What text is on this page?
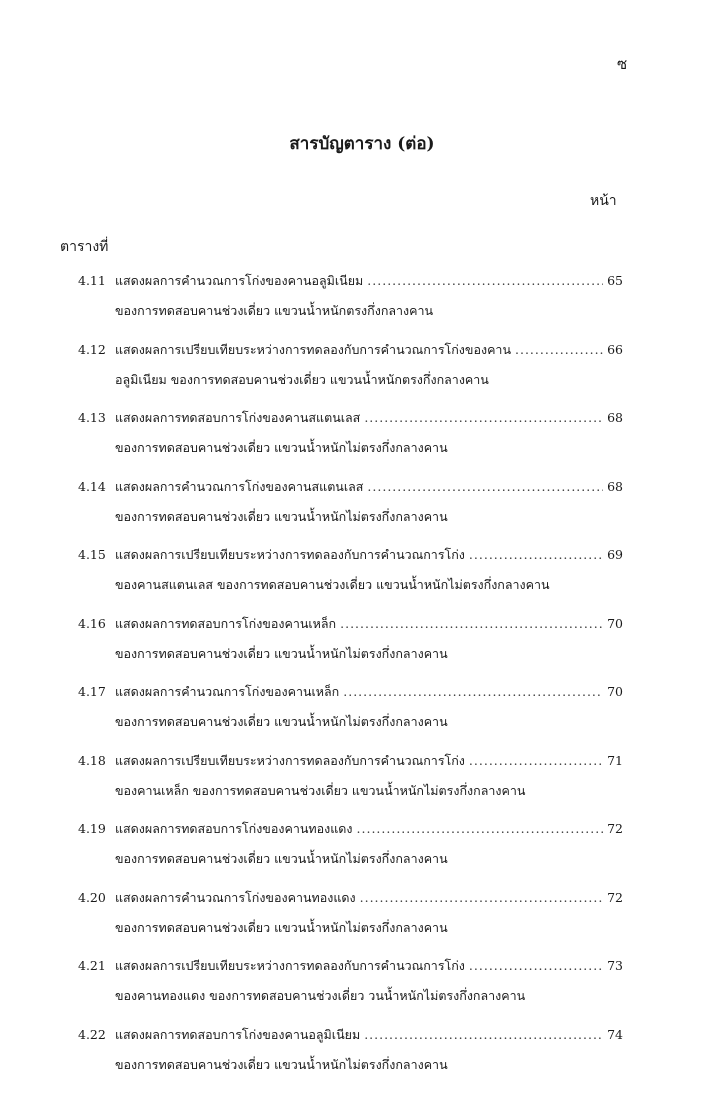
ซ
สารบัญตาราง (ต่อ)
หน้า
ตารางที่
4.11 แสดงผลการคำนวณการโก่งของคานอลูมิเนียม .....	65
ของการทดสอบคานช่วงเดี่ยว แขวนน้ำหนักตรงกึ่งกลางคาน
4.12 แสดงผลการเปรียบเทียบระหว่างการทดลองกับการคำนวณการโก่งของคาน .....	66
อลูมิเนียม ของการทดสอบคานช่วงเดี่ยว แขวนน้ำหนักตรงกึ่งกลางคาน
4.13 แสดงผลการทดสอบการโก่งของคานสแตนเลส .....	68
ของการทดสอบคานช่วงเดี่ยว แขวนน้ำหนักไม่ตรงกึ่งกลางคาน
4.14 แสดงผลการคำนวณการโก่งของคานสแตนเลส .....	68
ของการทดสอบคานช่วงเดี่ยว แขวนน้ำหนักไม่ตรงกึ่งกลางคาน
4.15 แสดงผลการเปรียบเทียบระหว่างการทดลองกับการคำนวณการโก่ง .....	69
ของคานสแตนเลส ของการทดสอบคานช่วงเดี่ยว แขวนน้ำหนักไม่ตรงกึ่งกลางคาน
4.16 แสดงผลการทดสอบการโก่งของคานเหล็ก .....	70
ของการทดสอบคานช่วงเดี่ยว แขวนน้ำหนักไม่ตรงกึ่งกลางคาน
4.17 แสดงผลการคำนวณการโก่งของคานเหล็ก .....	70
ของการทดสอบคานช่วงเดี่ยว แขวนน้ำหนักไม่ตรงกึ่งกลางคาน
4.18 แสดงผลการเปรียบเทียบระหว่างการทดลองกับการคำนวณการโก่ง .....	71
ของคานเหล็ก ของการทดสอบคานช่วงเดี่ยว แขวนน้ำหนักไม่ตรงกึ่งกลางคาน
4.19 แสดงผลการทดสอบการโก่งของคานทองแดง .....	72
ของการทดสอบคานช่วงเดี่ยว แขวนน้ำหนักไม่ตรงกึ่งกลางคาน
4.20 แสดงผลการคำนวณการโก่งของคานทองแดง .....	72
ของการทดสอบคานช่วงเดี่ยว แขวนน้ำหนักไม่ตรงกึ่งกลางคาน
4.21 แสดงผลการเปรียบเทียบระหว่างการทดลองกับการคำนวณการโก่ง .....	73
ของคานทองแดง ของการทดสอบคานช่วงเดี่ยว วนน้ำหนักไม่ตรงกึ่งกลางคาน
4.22 แสดงผลการทดสอบการโก่งของคานอลูมิเนียม .....	74
ของการทดสอบคานช่วงเดี่ยว แขวนน้ำหนักไม่ตรงกึ่งกลางคาน
